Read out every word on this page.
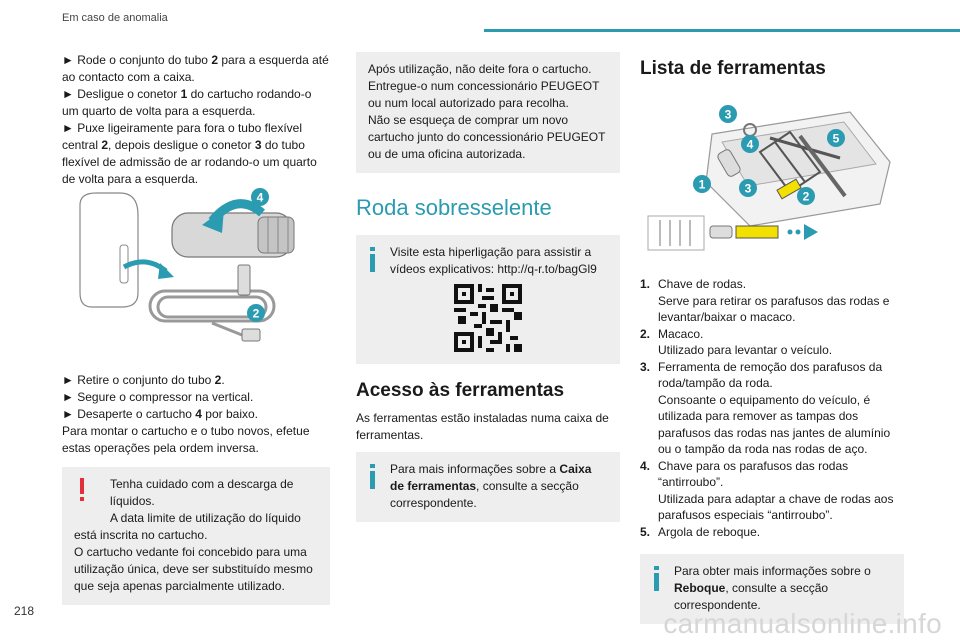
Em caso de anomalia

► Rode o conjunto do tubo 2 para a esquerda até ao contacto com a caixa.
► Desligue o conetor 1 do cartucho rodando-o um quarto de volta para a esquerda.
► Puxe ligeiramente para fora o tubo flexível central 2, depois desligue o conetor 3 do tubo flexível de admissão de ar rodando-o um quarto de volta para a esquerda.

4
2

► Retire o conjunto do tubo 2.
► Segure o compressor na vertical.
► Desaperte o cartucho 4 por baixo.
Para montar o cartucho e o tubo novos, efetue estas operações pela ordem inversa.

Tenha cuidado com a descarga de líquidos.
A data limite de utilização do líquido está inscrita no cartucho.
O cartucho vedante foi concebido para uma utilização única, deve ser substituído mesmo que seja apenas parcialmente utilizado.
Após utilização, não deite fora o cartucho. Entregue-o num concessionário PEUGEOT ou num local autorizado para recolha.
Não se esqueça de comprar um novo cartucho junto do concessionário PEUGEOT ou de uma oficina autorizada.
Roda sobresselente
Visite esta hiperligação para assistir a vídeos explicativos: http://q-r.to/bagGl9
Acesso às ferramentas

As ferramentas estão instaladas numa caixa de ferramentas.

Para mais informações sobre a Caixa de ferramentas, consulte a secção correspondente.
Lista de ferramentas
3
4	5
1	3
2
1. Chave de rodas.
Serve para retirar os parafusos das rodas e levantar/baixar o macaco.
2. Macaco.
Utilizado para levantar o veículo.
3. Ferramenta de remoção dos parafusos da roda/tampão da roda.
Consoante o equipamento do veículo, é utilizada para remover as tampas dos parafusos das rodas nas jantes de alumínio ou o tampão da roda nas rodas de aço.
4. Chave para os parafusos das rodas “antirroubo”.
Utilizada para adaptar a chave de rodas aos parafusos especiais “antirroubo”.
5. Argola de reboque.
Para obter mais informações sobre o Reboque, consulte a secção correspondente.
218	carmanualsonline.info
